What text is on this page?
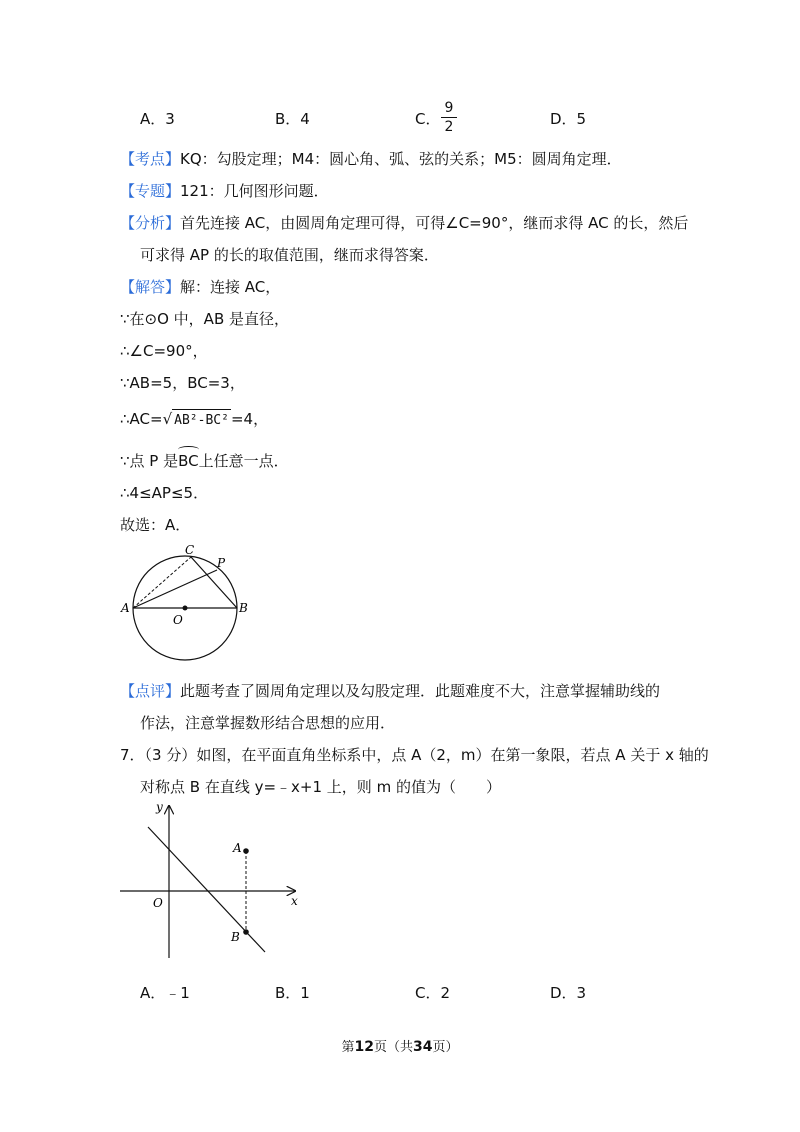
A．3	B．4	C．
9
2	D．5
【考点】KQ：勾股定理；M4：圆心角、弧、弦的关系；M5：圆周角定理．
【专题】121：几何图形问题．
【分析】首先连接 AC，由圆周角定理可得，可得∠C=90°，继而求得 AC 的长，然后
可求得 AP 的长的取值范围，继而求得答案．
【解答】解：连接 AC，
∵在⊙O 中，AB 是直径，
∴∠C=90°，
∵AB=5，BC=3，
∴AC=√ AB²-BC² =4，
∵点 P 是BC上任意一点．
∴4≤AP≤5．
故选：A．
C
P
A	B
O
【点评】此题考查了圆周角定理以及勾股定理．此题难度不大，注意掌握辅助线的
作法，注意掌握数形结合思想的应用．
7．（3 分）如图，在平面直角坐标系中，点 A（2，m）在第一象限，若点 A 关于 x 轴的
对称点 B 在直线 y=﹣x+1 上，则 m 的值为（　　）
y
x
O
A
B
A．﹣1	B．1	C．2	D．3
第12页（共34页）
